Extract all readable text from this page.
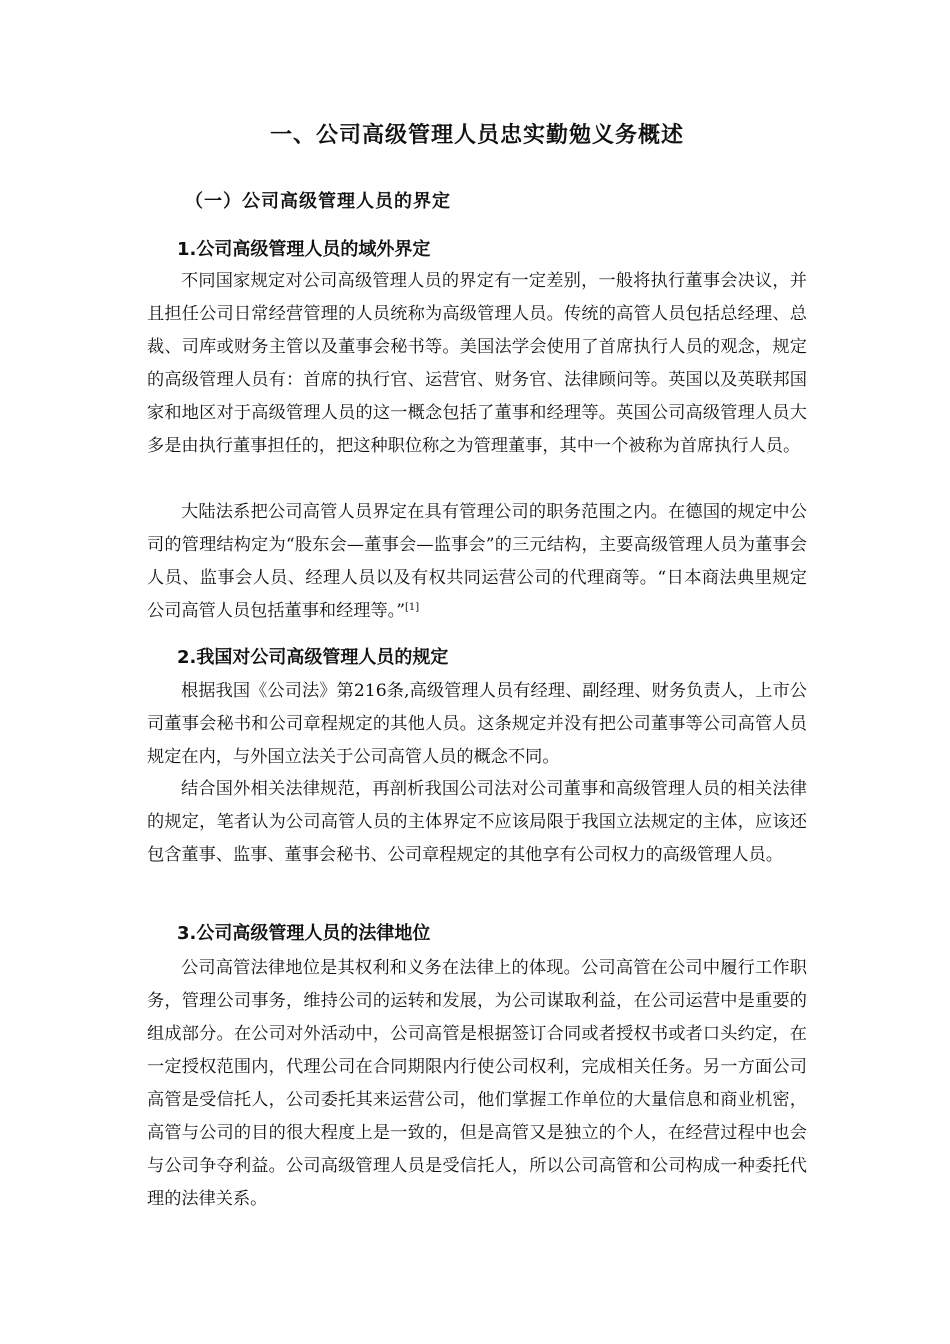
一、公司高级管理人员忠实勤勉义务概述
（一）公司高级管理人员的界定
1.公司高级管理人员的域外界定

不同国家规定对公司高级管理人员的界定有一定差别，一般将执行董事会决议，并且担任公司日常经营管理的人员统称为高级管理人员。传统的高管人员包括总经理、总裁、司库或财务主管以及董事会秘书等。美国法学会使用了首席执行人员的观念，规定的高级管理人员有：首席的执行官、运营官、财务官、法律顾问等。英国以及英联邦国家和地区对于高级管理人员的这一概念包括了董事和经理等。英国公司高级管理人员大多是由执行董事担任的，把这种职位称之为管理董事，其中一个被称为首席执行人员。

大陆法系把公司高管人员界定在具有管理公司的职务范围之内。在德国的规定中公司的管理结构定为“股东会—董事会—监事会”的三元结构，主要高级管理人员为董事会人员、监事会人员、经理人员以及有权共同运营公司的代理商等。“日本商法典里规定公司高管人员包括董事和经理等。”[1]

2.我国对公司高级管理人员的规定

根据我国《公司法》第216条,高级管理人员有经理、副经理、财务负责人，上市公司董事会秘书和公司章程规定的其他人员。这条规定并没有把公司董事等公司高管人员规定在内，与外国立法关于公司高管人员的概念不同。

结合国外相关法律规范，再剖析我国公司法对公司董事和高级管理人员的相关法律的规定，笔者认为公司高管人员的主体界定不应该局限于我国立法规定的主体，应该还包含董事、监事、董事会秘书、公司章程规定的其他享有公司权力的高级管理人员。

3.公司高级管理人员的法律地位

公司高管法律地位是其权利和义务在法律上的体现。公司高管在公司中履行工作职务，管理公司事务，维持公司的运转和发展，为公司谋取利益，在公司运营中是重要的组成部分。在公司对外活动中，公司高管是根据签订合同或者授权书或者口头约定，在一定授权范围内，代理公司在合同期限内行使公司权利，完成相关任务。另一方面公司高管是受信托人，公司委托其来运营公司，他们掌握工作单位的大量信息和商业机密，高管与公司的目的很大程度上是一致的，但是高管又是独立的个人，在经营过程中也会与公司争夺利益。公司高级管理人员是受信托人，所以公司高管和公司构成一种委托代理的法律关系。
